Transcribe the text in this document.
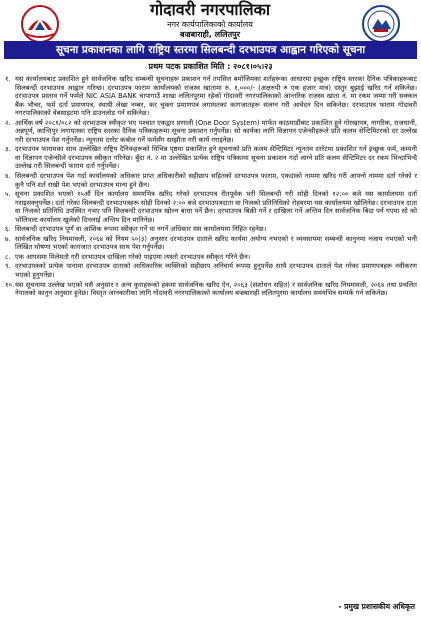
गोदावरी नगरपालिका
नगर कार्यपालिकाको कार्यालय
बज्रबाराही, ललितपुर
सूचना प्रकाशनका लागि राष्ट्रिय स्तरमा सिलबन्दी दरभाउपत्र आह्वान गरिएको सूचना
प्रथम पटक प्रकाशित मिति : २०८१।०५।२३
१. यस कार्यालयबाट प्रकाशित हुने सार्वजनिक खरिद सम्बन्धी सूचनाहरू प्रकाशन गर्न तपसिल बमोजिमका शर्तहरूका आधारमा इच्छुक राष्ट्रिय स्तरका दैनिक पत्रिकाहरूबाट सिलबन्दी दरभाउपत्र आह्वान गरिन्छ। दरभाउपत्र फाराम कार्यालयको राजस्व खातामा रु. १,०००/- (अक्षरुपी रु एक हजार मात्र) दस्तुर बुझाई खरिद गर्न सकिनेछ। दरभाउपत्र प्रस्ताव गर्ने फर्मले NIC ASIA BANK चापागाउँ शाखा ललितपुरमा रहेको गोदावरी नगरपालिकाको आन्तरिक राजस्व खाता नं. मा रकम जम्मा गरी सक्कल बैंक भौचर, फर्म दर्ता प्रमाणपत्र, स्थायी लेखा नम्बर, कर चुक्ता प्रमाणपत्र लगायतका कागजातहरू संलग्न गरी आवेदन दिन सकिनेछ। दरभाउपत्र फाराम गोदावरी नगरपालिकाको वेबसाइटमा पनि डाउनलोड गर्न सकिनेछ।
२. आर्थिक वर्ष २०८१/०८२ को दरभाउपत्र स्वीकृत भए पश्चात एकद्वार प्रणाली (One Door System) मार्फत काठमाडौंबाट प्रकाशित हुने गोरखापत्र, नागरिक, राजधानी, अन्नपूर्ण, कान्तिपुर लगायतका राष्ट्रिय स्तरका दैनिक पत्रिकाहरूमा सूचना प्रकाशन गर्नुपर्नेछ। सो कार्यका लागि विज्ञापन एजेन्सीहरूले प्रति कलम सेन्टिमिटरको दर उल्लेख गरी दरभाउपत्र पेश गर्नुपर्नेछ। न्यूनतम दररेट कबोल गर्ने फर्मसँग सम्झौता गरी कार्य गराइनेछ।
३. दरभाउपत्र फारामका साथ उल्लेखित राष्ट्रिय दैनिकहरूको विभिन्न पृष्ठमा प्रकाशित हुने सूचनाको प्रति कलम सेन्टिमिटर न्यूनतम दररेटमा प्रकाशित गर्न इच्छुक फर्म, कम्पनी वा विज्ञापन एजेन्सीले दरभाउपत्र स्वीकृत गरिनेछ। बुँदा नं. २ मा उल्लेखित प्रत्येक राष्ट्रिय पत्रिकामा सूचना प्रकाशन गर्दा लाग्ने प्रति कलम सेन्टिमिटर दर रकम भिन्दाभिन्दै उल्लेख गरी सिलबन्दी फाराम दर्ता गर्नुपर्नेछ।
४. सिलबन्दी दरभाउपत्र पेश गर्दा कार्यालयको अधिकार प्राप्त अधिकारीको सहीछाप सहितको दरभाउपत्र फाराम, एकदाको नाममा खरिद गरी आफ्नो नाममा दर्ता गरेको र कुनै पनि शर्त राखी पेश भएको दरभाउपत्र मान्य हुने छैन।
५. सूचना प्रकाशित भएको १५औं दिन कार्यालय समयभित्र खरिद गरेको दरभाउपत्र रीतपूर्वक भरी सिलबन्दी गरी सोही दिनको १२:०० बजे यस कार्यालयमा दर्ता गराइसक्नुपर्नेछ। दर्ता गरेका सिलबन्दी दरभाउपत्रहरू सोही दिनको २:०० बजे दरभाउपत्रदाता वा निजको प्रतिनिधिको रोहवरमा यस कार्यालयमा खोलिनेछ। दरभाउपत्र दाता वा निजको प्रतिनिधि उपस्थित नभए पनि सिलबन्दी दरभाउपत्र खोल्न बाधा पर्ने छैन। दरभाउपत्र बिक्री गर्ने र दाखिला गर्ने अन्तिम दिन सार्वजनिक बिदा पर्न गएमा सो को भोलिपल्ट कार्यालय खुलेको दिनलाई अन्तिम दिन मानिनेछ।
६. सिलबन्दी दरभाउपत्र पूर्ण वा आंशिक रूपमा स्वीकृत गर्ने वा नगर्ने अधिकार यस कार्यालयमा निहित रहनेछ।
७. सार्वजनिक खरिद नियमावली, २०६४ को नियम ५०(३) अनुसार दरभाउपत्र दाताले खरिद कार्यमा अयोग्य नभएको र व्यवसायमा सम्बन्धी कानुनमा नजाय नभएको भनी लिखित घोषणा भएको कागजात दरभाउपत्र साथ पेश गर्नुपर्नेछ।
८. एक आपसमा मिलेमतो गरी दरभाउपत्र दाखिला गरेको पाइएमा त्यस्तो दरभाउपत्र स्वीकृत गरिने छैन।
९. दरभाउपत्रको प्रत्येक पानामा दरभाउपत्र दाताको आधिकारिक व्यक्तिको सहीछाप अनिवार्य रूपमा हुनुपर्नेछ साथै दरभाउपत्र दाताले पेश गरेका प्रमाणपत्रहरू नवीकरण भएको हुनुपर्नेछ।
१०. यस सूचनामा उल्लेख भएको यसै अनुसार र अन्य कुराहरूको हकमा सार्वजनिक खरिद ऐन, २०६३ (संशोधन सहित) र सार्वजनिक खरिद नियमावली, २०६४ तथा प्रचलित नेपालको कानुन अनुसार हुनेछ। विस्तृत जानकारीका लागि गोदावरी नगरपालिकाको कार्यालय बज्रबाराही ललितपुरमा कार्यालय समयभित्र सम्पर्क गर्न सकिनेछ।
- प्रमुख प्रशासकीय अधिकृत
